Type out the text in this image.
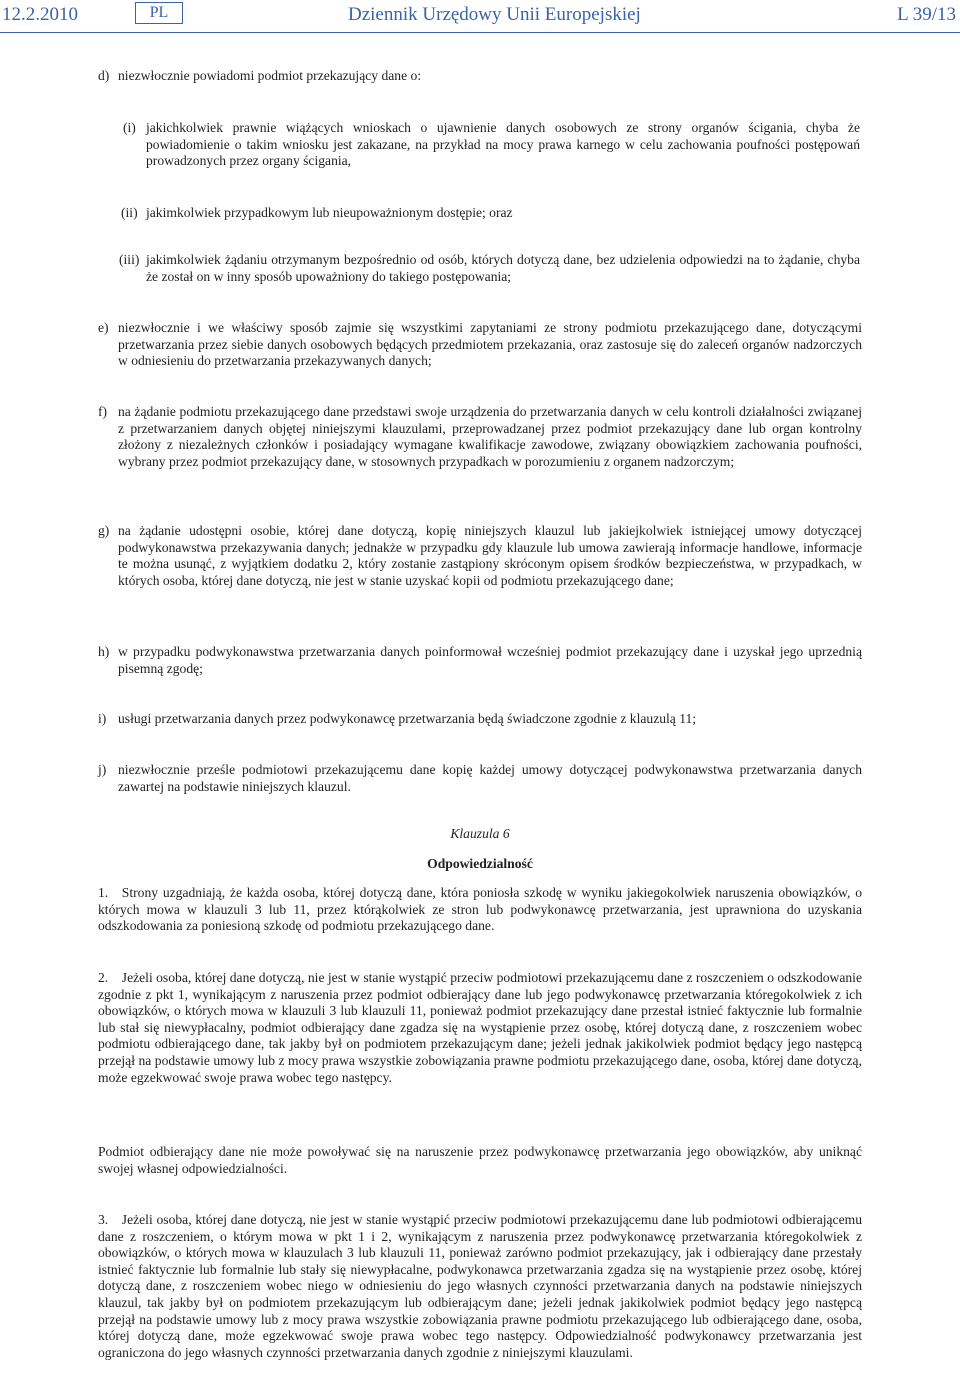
12.2.2010	PL	Dziennik Urzędowy Unii Europejskiej	L 39/13
d) niezwłocznie powiadomi podmiot przekazujący dane o:

(i) jakichkolwiek prawnie wiążących wnioskach o ujawnienie danych osobowych ze strony organów ścigania, chyba że powiadomienie o takim wniosku jest zakazane, na przykład na mocy prawa karnego w celu zachowania poufności postępowań prowadzonych przez organy ścigania,

(ii) jakimkolwiek przypadkowym lub nieupoważnionym dostępie; oraz

(iii) jakimkolwiek żądaniu otrzymanym bezpośrednio od osób, których dotyczą dane, bez udzielenia odpowiedzi na to żądanie, chyba że został on w inny sposób upoważniony do takiego postępowania;

e) niezwłocznie i we właściwy sposób zajmie się wszystkimi zapytaniami ze strony podmiotu przekazującego dane, dotyczącymi przetwarzania przez siebie danych osobowych będących przedmiotem przekazania, oraz zastosuje się do zaleceń organów nadzorczych w odniesieniu do przetwarzania przekazywanych danych;

f) na żądanie podmiotu przekazującego dane przedstawi swoje urządzenia do przetwarzania danych w celu kontroli działalności związanej z przetwarzaniem danych objętej niniejszymi klauzulami, przeprowadzanej przez podmiot przekazujący dane lub organ kontrolny złożony z niezależnych członków i posiadający wymagane kwalifikacje zawodowe, związany obowiązkiem zachowania poufności, wybrany przez podmiot przekazujący dane, w stosownych przypadkach w porozumieniu z organem nadzorczym;

g) na żądanie udostępni osobie, której dane dotyczą, kopię niniejszych klauzul lub jakiejkolwiek istniejącej umowy dotyczącej podwykonawstwa przekazywania danych; jednakże w przypadku gdy klauzule lub umowa zawierają informacje handlowe, informacje te można usunąć, z wyjątkiem dodatku 2, który zostanie zastąpiony skróconym opisem środków bezpieczeństwa, w przypadkach, w których osoba, której dane dotyczą, nie jest w stanie uzyskać kopii od podmiotu przekazującego dane;

h) w przypadku podwykonawstwa przetwarzania danych poinformował wcześniej podmiot przekazujący dane i uzyskał jego uprzednią pisemną zgodę;

i) usługi przetwarzania danych przez podwykonawcę przetwarzania będą świadczone zgodnie z klauzulą 11;

j) niezwłocznie prześle podmiotowi przekazującemu dane kopię każdej umowy dotyczącej podwykonawstwa przetwarzania danych zawartej na podstawie niniejszych klauzul.

Klauzula 6

Odpowiedzialność

1. Strony uzgadniają, że każda osoba, której dotyczą dane, która poniosła szkodę w wyniku jakiegokolwiek naruszenia obowiązków, o których mowa w klauzuli 3 lub 11, przez którąkolwiek ze stron lub podwykonawcę przetwarzania, jest uprawniona do uzyskania odszkodowania za poniesioną szkodę od podmiotu przekazującego dane.

2. Jeżeli osoba, której dane dotyczą, nie jest w stanie wystąpić przeciw podmiotowi przekazującemu dane z roszczeniem o odszkodowanie zgodnie z pkt 1, wynikającym z naruszenia przez podmiot odbierający dane lub jego podwykonawcę przetwarzania któregokolwiek z ich obowiązków, o których mowa w klauzuli 3 lub klauzuli 11, ponieważ podmiot przekazujący dane przestał istnieć faktycznie lub formalnie lub stał się niewypłacalny, podmiot odbierający dane zgadza się na wystąpienie przez osobę, której dotyczą dane, z roszczeniem wobec podmiotu odbierającego dane, tak jakby był on podmiotem przekazującym dane; jeżeli jednak jakikolwiek podmiot będący jego następcą przejął na podstawie umowy lub z mocy prawa wszystkie zobowiązania prawne podmiotu przekazującego dane, osoba, której dane dotyczą, może egzekwować swoje prawa wobec tego następcy.

Podmiot odbierający dane nie może powoływać się na naruszenie przez podwykonawcę przetwarzania jego obowiązków, aby uniknąć swojej własnej odpowiedzialności.

3. Jeżeli osoba, której dane dotyczą, nie jest w stanie wystąpić przeciw podmiotowi przekazującemu dane lub podmiotowi odbierającemu dane z roszczeniem, o którym mowa w pkt 1 i 2, wynikającym z naruszenia przez podwykonawcę przetwarzania któregokolwiek z obowiązków, o których mowa w klauzulach 3 lub klauzuli 11, ponieważ zarówno podmiot przekazujący, jak i odbierający dane przestały istnieć faktycznie lub formalnie lub stały się niewypłacalne, podwykonawca przetwarzania zgadza się na wystąpienie przez osobę, której dotyczą dane, z roszczeniem wobec niego w odniesieniu do jego własnych czynności przetwarzania danych na podstawie niniejszych klauzul, tak jakby był on podmiotem przekazującym lub odbierającym dane; jeżeli jednak jakikolwiek podmiot będący jego następcą przejął na podstawie umowy lub z mocy prawa wszystkie zobowiązania prawne podmiotu przekazującego lub odbierającego dane, osoba, której dotyczą dane, może egzekwować swoje prawa wobec tego następcy. Odpowiedzialność podwykonawcy przetwarzania jest ograniczona do jego własnych czynności przetwarzania danych zgodnie z niniejszymi klauzulami.
